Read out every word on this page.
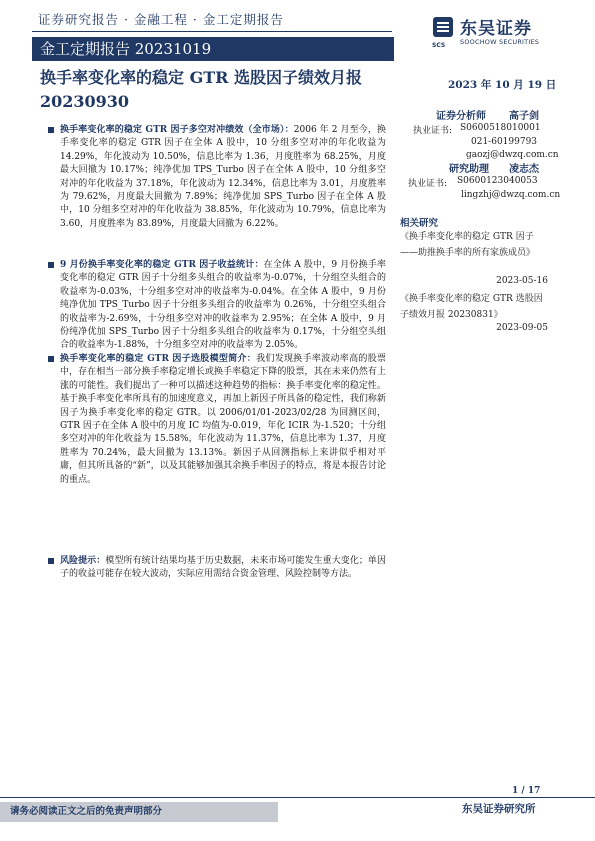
证券研究报告 · 金融工程 · 金工定期报告	东吴证券
SOOCHOW SECURITIES
SCS
金工定期报告 20231019
换手率变化率的稳定 GTR 选股因子绩效月报 20230930
2023 年 10 月 19 日
证券分析师 高子剑
执业证书: S0600518010001
021-60199793
gaozj@dwzq.com.cn
研究助理 凌志杰
执业证书: S0600123040053
lingzhj@dwzq.com.cn
相关研究
《换手率变化率的稳定 GTR 因子——助推换手率的所有家族成员》
2023-05-16
《换手率变化率的稳定 GTR 选股因子绩效月报 20230831》
2023-09-05
换手率变化率的稳定 GTR 因子多空对冲绩效（全市场）：2006 年 2 月至今，换手率变化率的稳定 GTR 因子在全体 A 股中，10 分组多空对冲的年化收益为 14.29%，年化波动为 10.50%，信息比率为 1.36，月度胜率为 68.25%，月度最大回撤为 10.17%；纯净优加 TPS_Turbo 因子在全体 A 股中，10 分组多空对冲的年化收益为 37.18%，年化波动为 12.34%，信息比率为 3.01，月度胜率为 79.62%，月度最大回撤为 7.89%；纯净优加 SPS_Turbo 因子在全体 A 股中，10 分组多空对冲的年化收益为 38.85%，年化波动为 10.79%，信息比率为 3.60，月度胜率为 83.89%，月度最大回撤为 6.22%。
9 月份换手率变化率的稳定 GTR 因子收益统计：在全体 A 股中，9 月份换手率变化率的稳定 GTR 因子十分组多头组合的收益率为-0.07%，十分组空头组合的收益率为-0.03%，十分组多空对冲的收益率为-0.04%。在全体 A 股中，9 月份纯净优加 TPS_Turbo 因子十分组多头组合的收益率为 0.26%，十分组空头组合的收益率为-2.69%，十分组多空对冲的收益率为 2.95%；在全体 A 股中，9 月份纯净优加 SPS_Turbo 因子十分组多头组合的收益率为 0.17%，十分组空头组合的收益率为-1.88%，十分组多空对冲的收益率为 2.05%。
换手率变化率的稳定 GTR 因子选股模型简介：我们发现换手率波动率高的股票中，存在相当一部分换手率稳定增长或换手率稳定下降的股票，其在未来仍然有上涨的可能性。我们提出了一种可以描述这种趋势的指标：换手率变化率的稳定性。基于换手率变化率所具有的加速度意义，再加上新因子所具备的稳定性，我们称新因子为换手率变化率的稳定 GTR。以 2006/01/01-2023/02/28 为回测区间，GTR 因子在全体 A 股中的月度 IC 均值为-0.019，年化 ICIR 为-1.520；十分组多空对冲的年化收益为 15.58%，年化波动为 11.37%，信息比率为 1.37，月度胜率为 70.24%，最大回撤为 13.13%。新因子从回测指标上来讲似乎相对平庸，但其所具备的“新”，以及其能够加强其余换手率因子的特点，将是本报告讨论的重点。
风险提示：模型所有统计结果均基于历史数据，未来市场可能发生重大变化；单因子的收益可能存在较大波动，实际应用需结合资金管理、风险控制等方法。
1 / 17
请务必阅读正文之后的免责声明部分	东吴证券研究所
